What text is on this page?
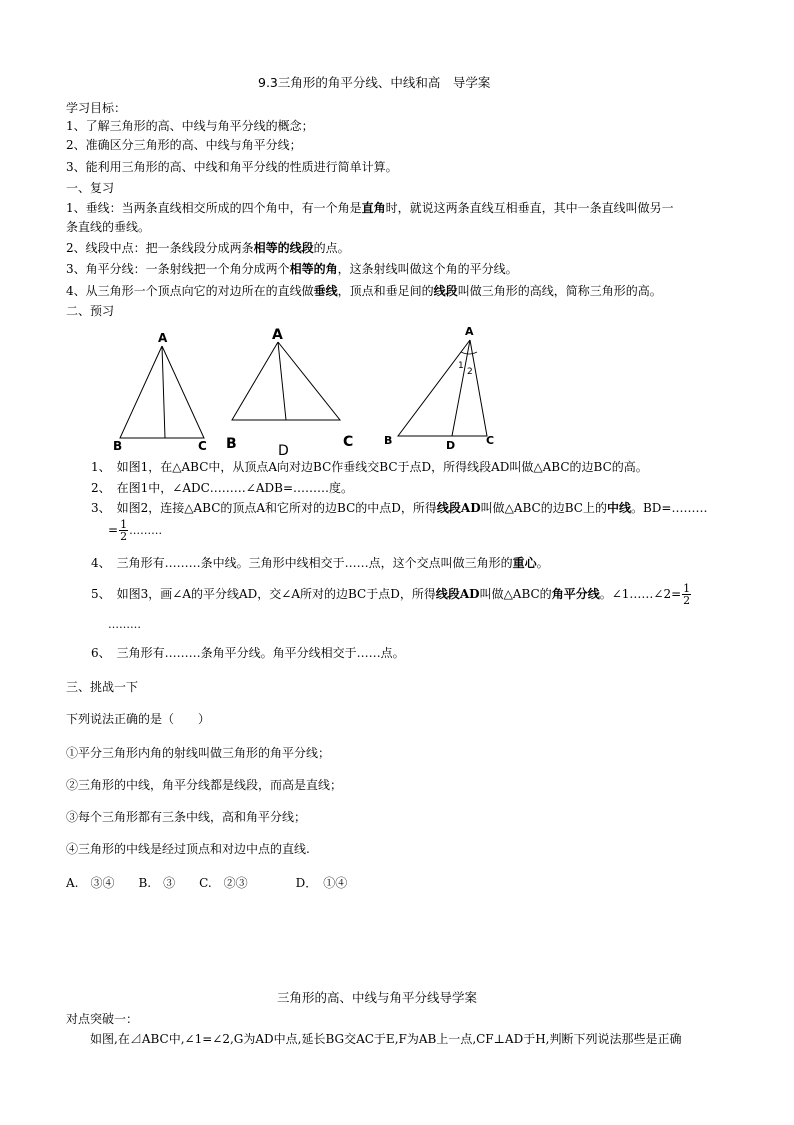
9.3三角形的角平分线、中线和高　导学案
学习目标：
1、了解三角形的高、中线与角平分线的概念；
2、准确区分三角形的高、中线与角平分线；
3、能利用三角形的高、中线和角平分线的性质进行简单计算。
一、复习
1、垂线：当两条直线相交所成的四个角中，有一个角是直角时，就说这两条直线互相垂直，其中一条直线叫做另一
条直线的垂线。
2、线段中点：把一条线段分成两条相等的线段的点。
3、角平分线：一条射线把一个角分成两个相等的角，这条射线叫做这个角的平分线。
4、从三角形一个顶点向它的对边所在的直线做垂线，顶点和垂足间的线段叫做三角形的高线，简称三角形的高。
二、预习
A
B	C
A
B	C
D
A
B	D	C
1
2
1、　如图1，在△ABC中，从顶点A向对边BC作垂线交BC于点D，所得线段AD叫做△ABC的边BC的高。
2、　在图1中，∠ADC………∠ADB=………度。
3、　如图2，连接△ABC的顶点A和它所对的边BC的中点D，所得线段AD叫做△ABC的边BC上的中线。BD=………
= $\frac{1}{2}$ ………
4、　三角形有………条中线。三角形中线相交于……点，这个交点叫做三角形的重心。
5、　如图3，画∠A的平分线AD，交∠A所对的边BC于点D，所得线段AD叫做△ABC的角平分线。∠1……∠2= $\frac{1}{2}$
………
6、　三角形有………条角平分线。角平分线相交于……点。
三、挑战一下
下列说法正确的是（　　）
①平分三角形内角的射线叫做三角形的角平分线；
②三角形的中线，角平分线都是线段，而高是直线；
③每个三角形都有三条中线，高和角平分线；
④三角形的中线是经过顶点和对边中点的直线.
A.　③④　　B.　③　　C.　②③　　　　D．　①④
三角形的高、中线与角平分线导学案
对点突破一：
如图,在⊿ABC中,∠1=∠2,G为AD中点,延长BG交AC于E,F为AB上一点,CF⊥AD于H,判断下列说法那些是正确
